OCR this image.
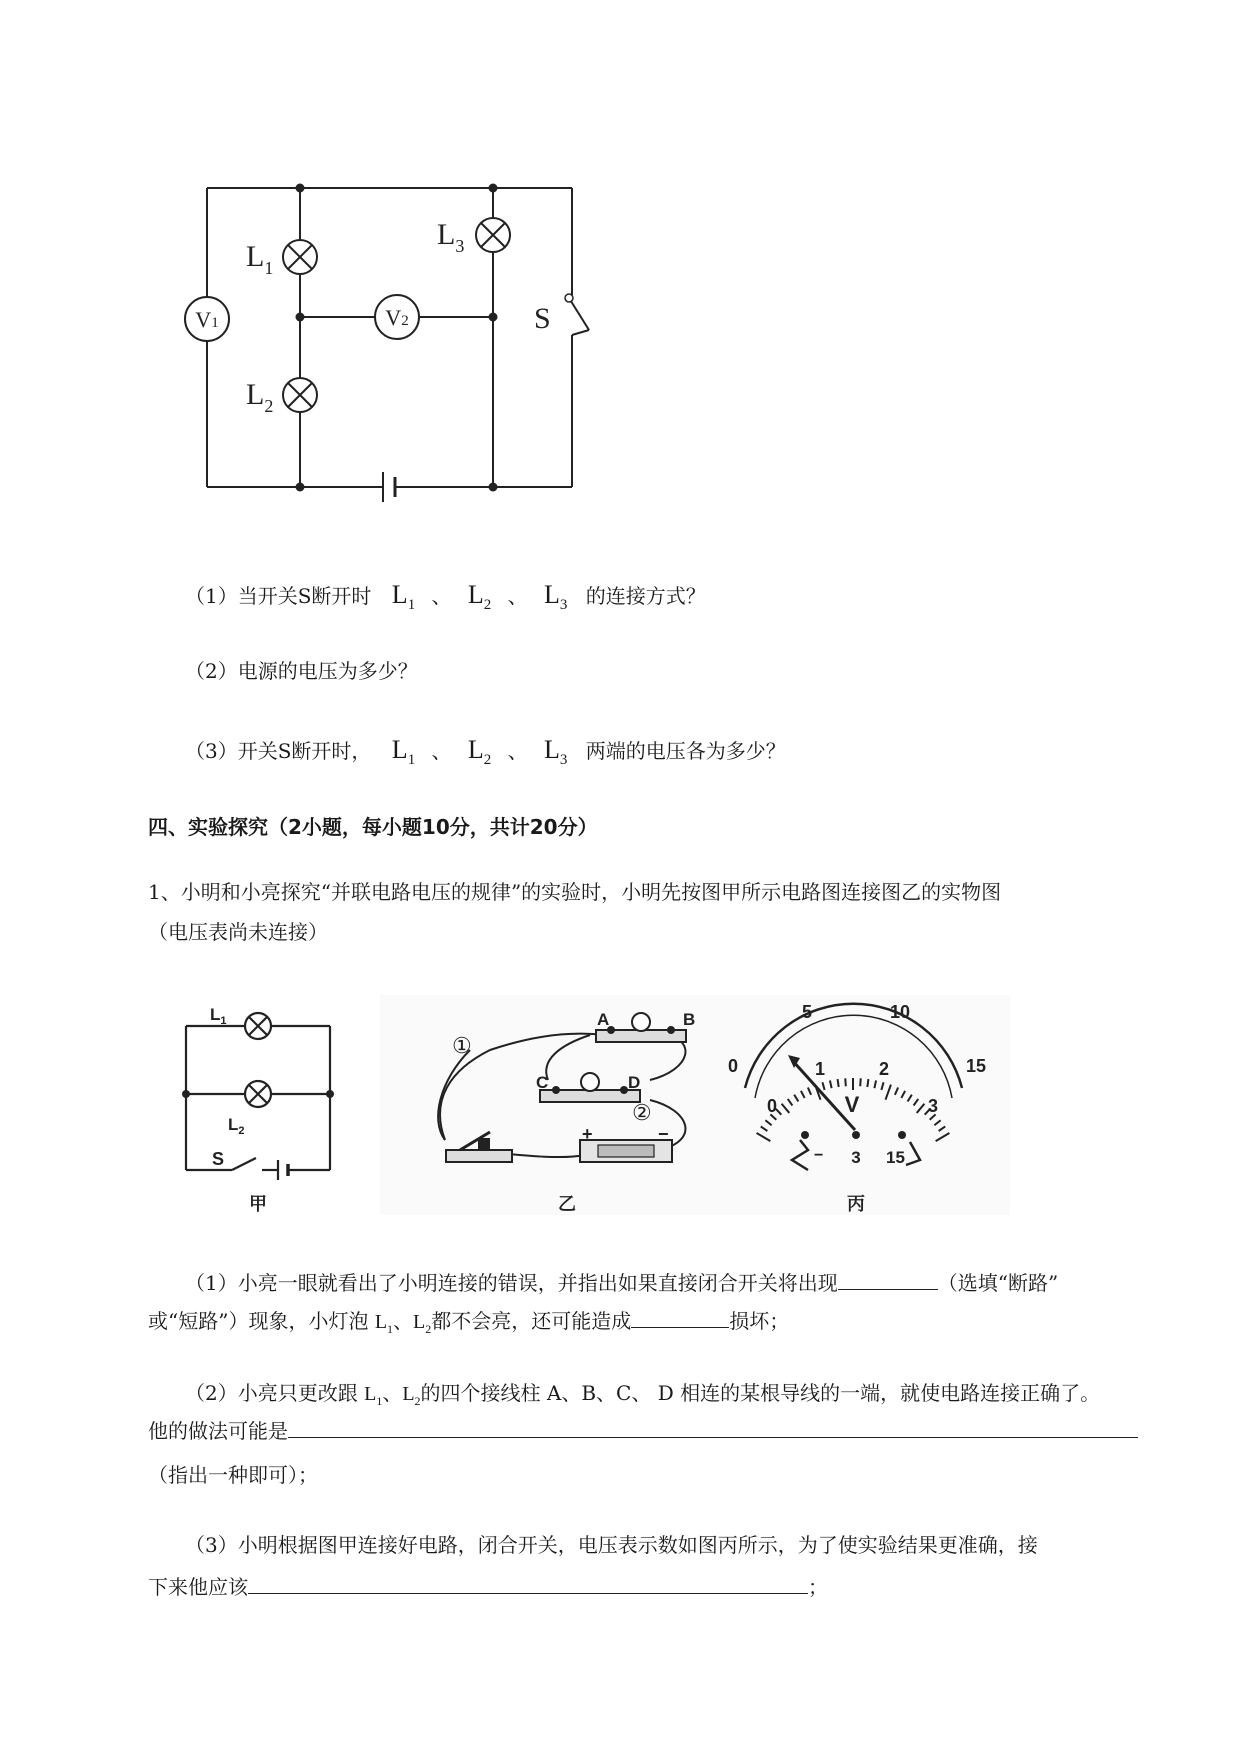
V1	V2
$L_1$
$L_2$
$L_3$
S
（1）当开关S断开时 $L_1$ 、 $L_2$ 、 $L_3$ 的连接方式？
（2）电源的电压为多少？
（3）开关S断开时， $L_1$ 、 $L_2$ 、 $L_3$ 两端的电压各为多少？
四、实验探究（2小题，每小题10分，共计20分）
1、小明和小亮探究“并联电路电压的规律”的实验时，小明先按图甲所示电路图连接图乙的实物图
（电压表尚未连接）
$L_1$
$L_2$
S
甲
A	B
C	D
+	−
①
②
乙
0
5	10
15
0
1	2
3
V
− 3 15
丙
（1）小亮一眼就看出了小明连接的错误，并指出如果直接闭合开关将出现	（选填“断路”
或“短路”）现象，小灯泡 $L_1$、$L_2$都不会亮，还可能造成	损坏；
（2）小亮只更改跟 $L_1$、$L_2$的四个接线柱 A、B、C、 D 相连的某根导线的一端，就使电路连接正确了。
他的做法可能是
（指出一种即可）；
（3）小明根据图甲连接好电路，闭合开关，电压表示数如图丙所示，为了使实验结果更准确，接
下来他应该	；
